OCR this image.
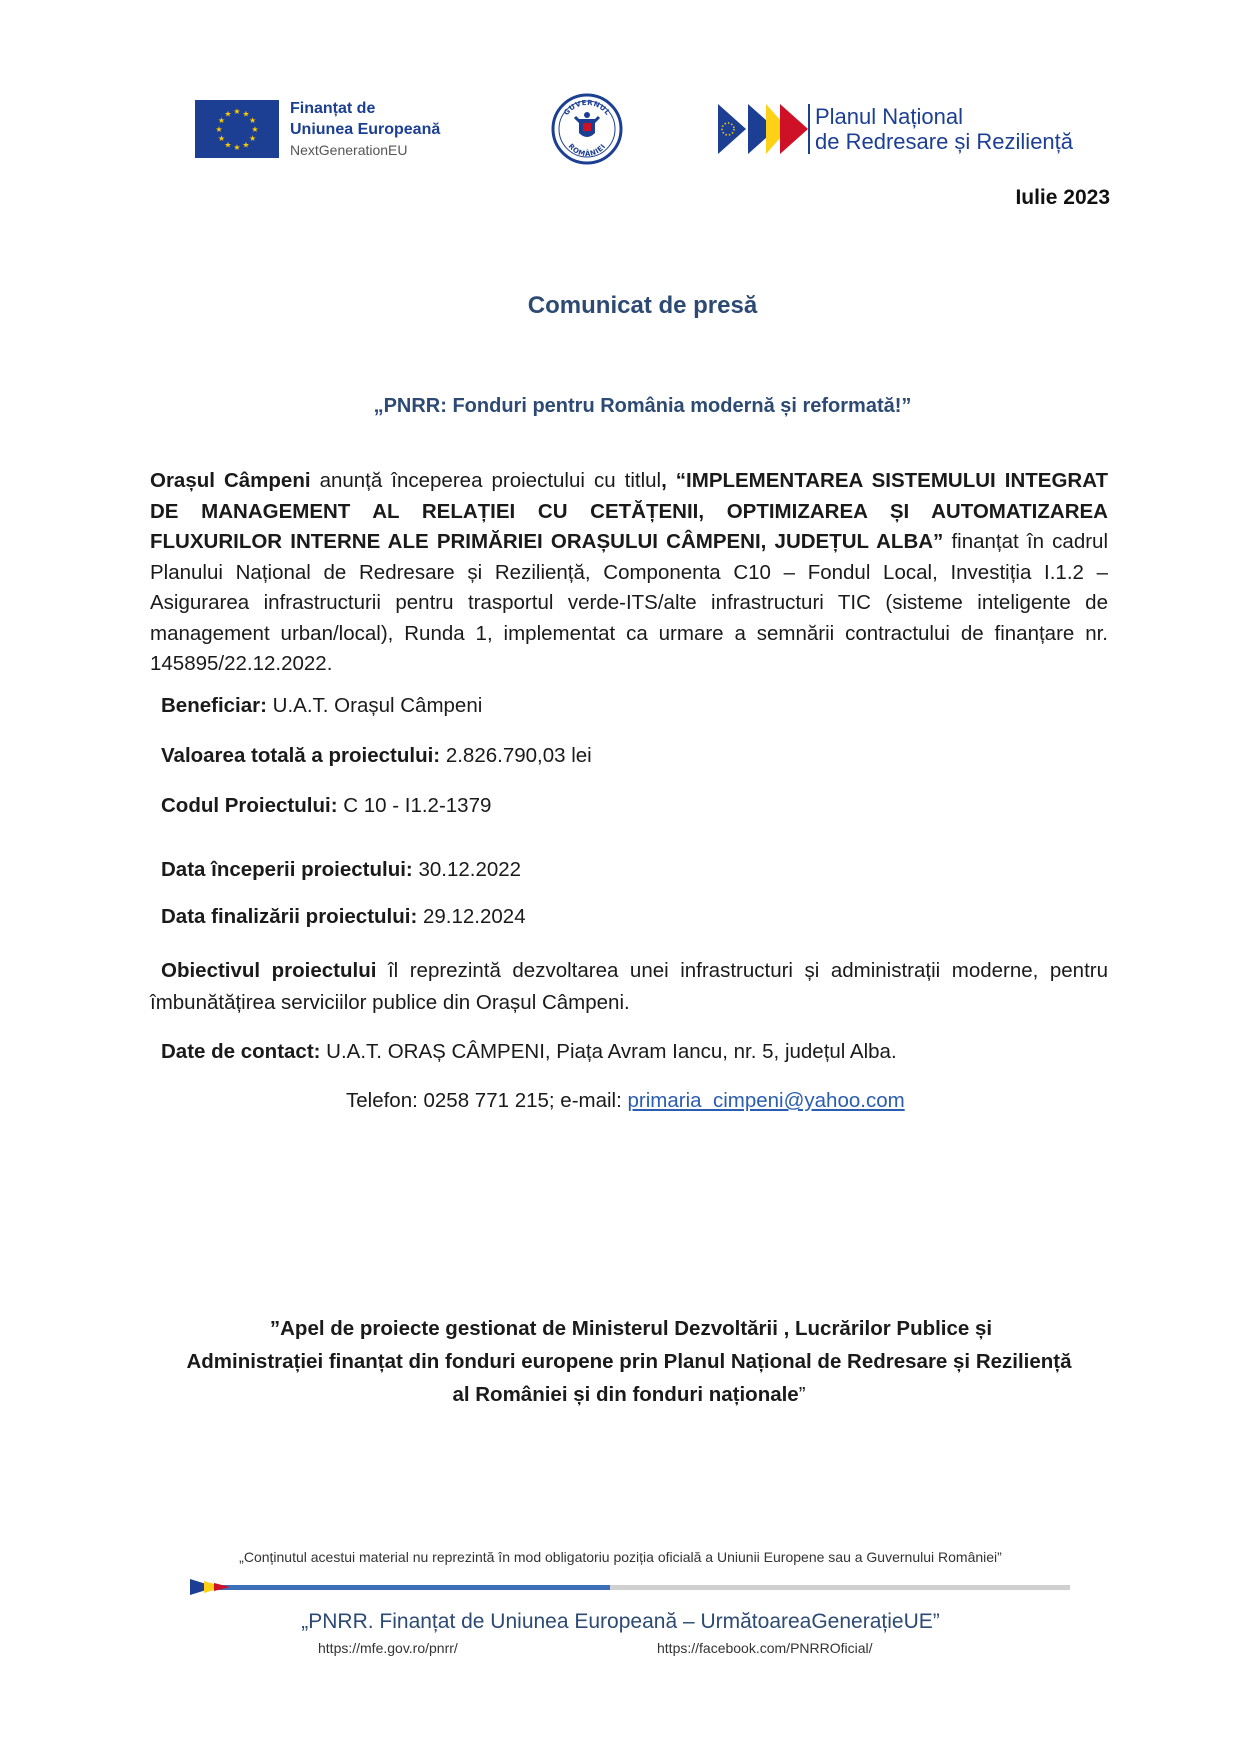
★ ★
★
★
★
★
★
★
★
★
★
★	Finanțat de
Uniunea Europeană
NextGenerationEU
GUVERNUL
ROMÂNIEI
Planul Național
de Redresare și Reziliență
Iulie 2023
Comunicat de presă
„PNRR: Fonduri pentru România modernă și reformată!”
Orașul Câmpeni anunță începerea proiectului cu titlul, “IMPLEMENTAREA SISTEMULUI INTEGRAT DE MANAGEMENT AL RELAȚIEI CU CETĂȚENII, OPTIMIZAREA ȘI AUTOMATIZAREA FLUXURILOR INTERNE ALE PRIMĂRIEI ORAȘULUI CÂMPENI, JUDEȚUL ALBA” finanțat în cadrul Planului Național de Redresare și Reziliență, Componenta C10 – Fondul Local, Investiția I.1.2 – Asigurarea infrastructurii pentru trasportul verde-ITS/alte infrastructuri TIC (sisteme inteligente de management urban/local), Runda 1, implementat ca urmare a semnării contractului de finanțare nr. 145895/22.12.2022.
Beneficiar: U.A.T. Orașul Câmpeni
Valoarea totală a proiectului: 2.826.790,03 lei
Codul Proiectului: C 10 - I1.2-1379
Data începerii proiectului: 30.12.2022
Data finalizării proiectului: 29.12.2024
Obiectivul proiectului îl reprezintă dezvoltarea unei infrastructuri și administrații moderne, pentru îmbunătățirea serviciilor publice din Orașul Câmpeni.
Date de contact: U.A.T. ORAȘ CÂMPENI, Piața Avram Iancu, nr. 5, județul Alba.
Telefon: 0258 771 215; e-mail: primaria_cimpeni@yahoo.com
”Apel de proiecte gestionat de Ministerul Dezvoltării , Lucrărilor Publice și
Administrației finanțat din fonduri europene prin Planul Național de Redresare și Reziliență
al României și din fonduri naționale”
„Conținutul acestui material nu reprezintă în mod obligatoriu poziția oficială a Uniunii Europene sau a Guvernului României”
„PNRR. Finanțat de Uniunea Europeană – UrmătoareaGenerațieUE”
https://mfe.gov.ro/pnrr/	https://facebook.com/PNRROficial/
